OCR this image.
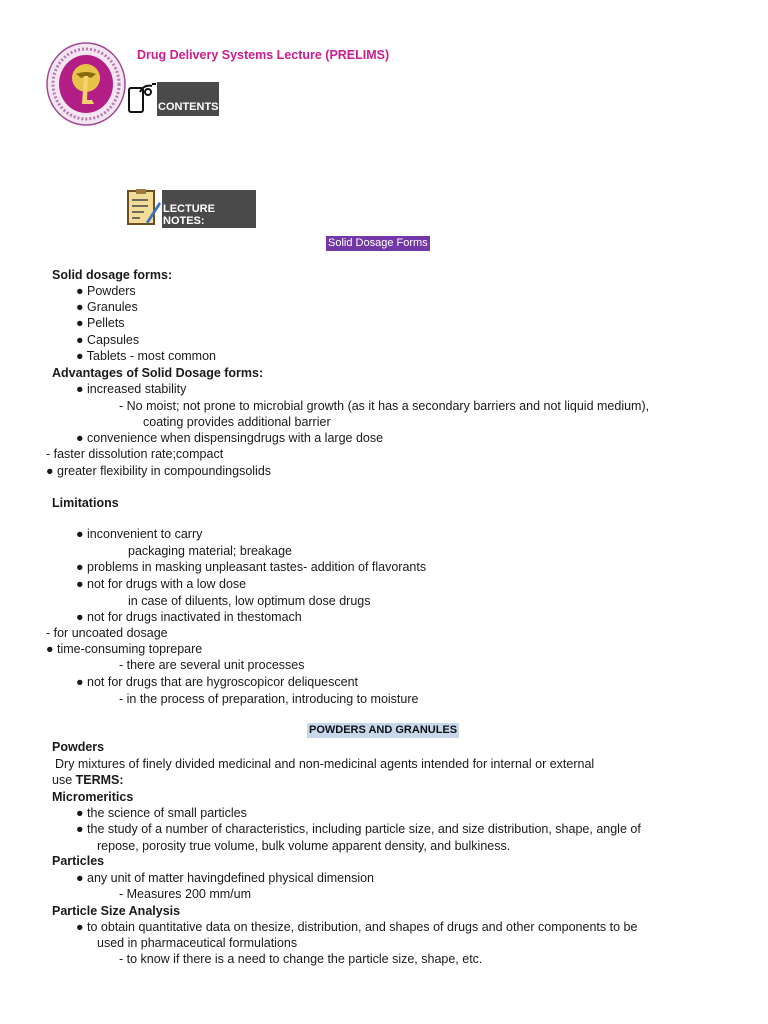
Drug Delivery Systems Lecture (PRELIMS)
CONTENTS
LECTURE NOTES:
Solid Dosage Forms
Solid dosage forms:
● Powders
● Granules
● Pellets
● Capsules
● Tablets - most common
Advantages of Solid Dosage forms:
● increased stability
- No moist; not prone to microbial growth (as it has a secondary barriers and not liquid medium),
coating provides additional barrier
● convenience when dispensingdrugs with a large dose
- faster dissolution rate;compact
● greater flexibility in compoundingsolids
Limitations
● inconvenient to carry
packaging material; breakage
● problems in masking unpleasant tastes- addition of flavorants
● not for drugs with a low dose
in case of diluents, low optimum dose drugs
● not for drugs inactivated in thestomach
- for uncoated dosage
● time-consuming toprepare
- there are several unit processes
● not for drugs that are hygroscopicor deliquescent
- in the process of preparation, introducing to moisture
POWDERS AND GRANULES
Powders
Dry mixtures of finely divided medicinal and non-medicinal agents intended for internal or external
use TERMS:
Micromeritics
● the science of small particles
● the study of a number of characteristics, including particle size, and size distribution, shape, angle of
repose, porosity true volume, bulk volume apparent density, and bulkiness.
Particles
● any unit of matter havingdefined physical dimension
- Measures 200 mm/um
Particle Size Analysis
● to obtain quantitative data on thesize, distribution, and shapes of drugs and other components to be
used in pharmaceutical formulations
- to know if there is a need to change the particle size, shape, etc.
